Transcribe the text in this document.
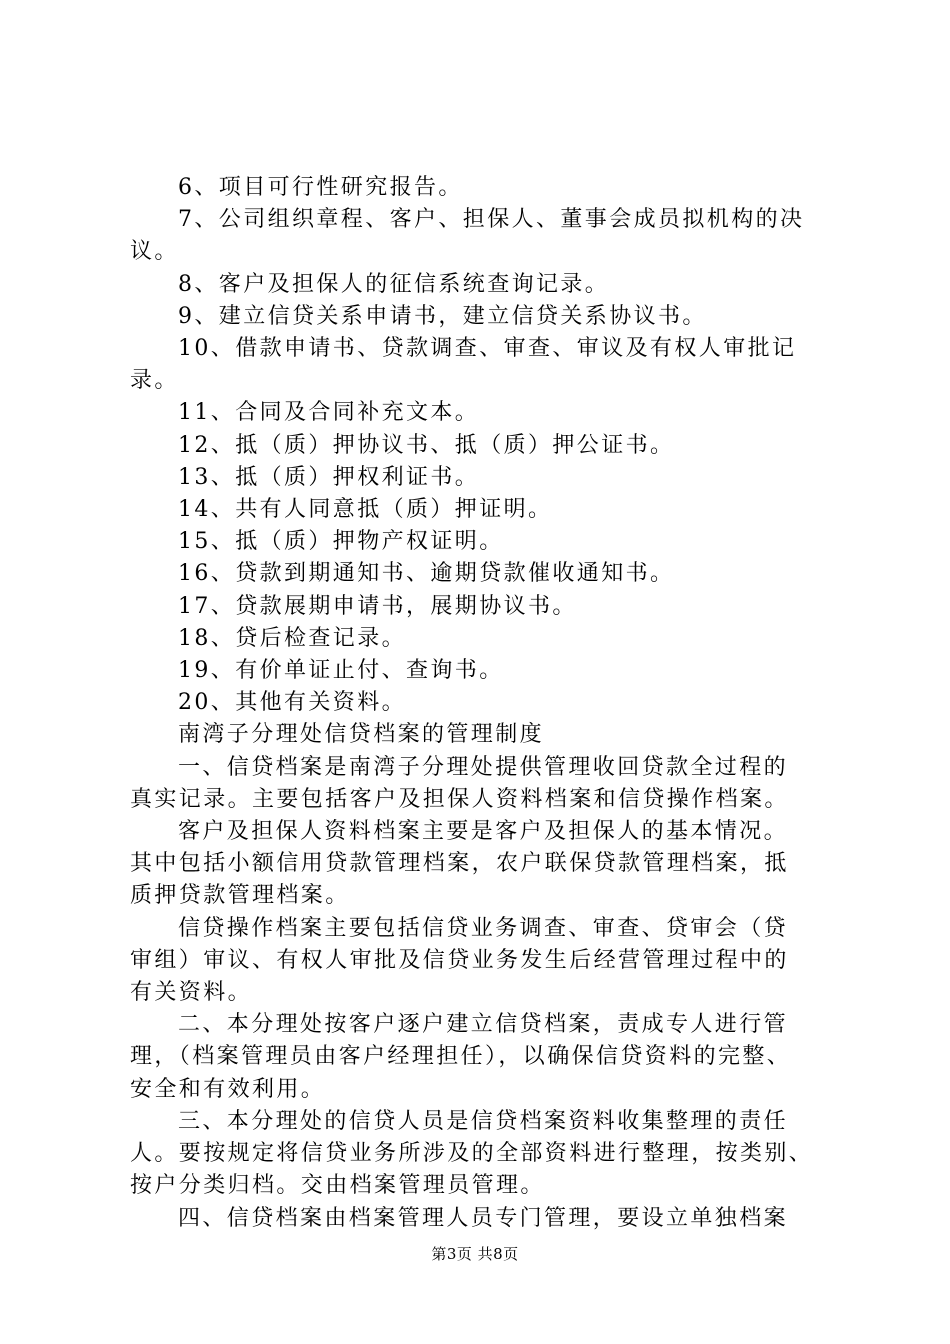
6、项目可行性研究报告。

7、公司组织章程、客户、担保人、董事会成员拟机构的决

议。

8、客户及担保人的征信系统查询记录。

9、建立信贷关系申请书，建立信贷关系协议书。

10、借款申请书、贷款调查、审查、审议及有权人审批记

录。

11、合同及合同补充文本。

12、抵（质）押协议书、抵（质）押公证书。

13、抵（质）押权利证书。

14、共有人同意抵（质）押证明。

15、抵（质）押物产权证明。

16、贷款到期通知书、逾期贷款催收通知书。

17、贷款展期申请书，展期协议书。

18、贷后检查记录。

19、有价单证止付、查询书。

20、其他有关资料。

南湾子分理处信贷档案的管理制度

一、信贷档案是南湾子分理处提供管理收回贷款全过程的

真实记录。主要包括客户及担保人资料档案和信贷操作档案。

客户及担保人资料档案主要是客户及担保人的基本情况。

其中包括小额信用贷款管理档案，农户联保贷款管理档案，抵

质押贷款管理档案。

信贷操作档案主要包括信贷业务调查、审查、贷审会（贷

审组）审议、有权人审批及信贷业务发生后经营管理过程中的

有关资料。

二、本分理处按客户逐户建立信贷档案，责成专人进行管

理，（档案管理员由客户经理担任），以确保信贷资料的完整、

安全和有效利用。

三、本分理处的信贷人员是信贷档案资料收集整理的责任

人。要按规定将信贷业务所涉及的全部资料进行整理，按类别、

按户分类归档。交由档案管理员管理。

四、信贷档案由档案管理人员专门管理，要设立单独档案

第3页 共8页
